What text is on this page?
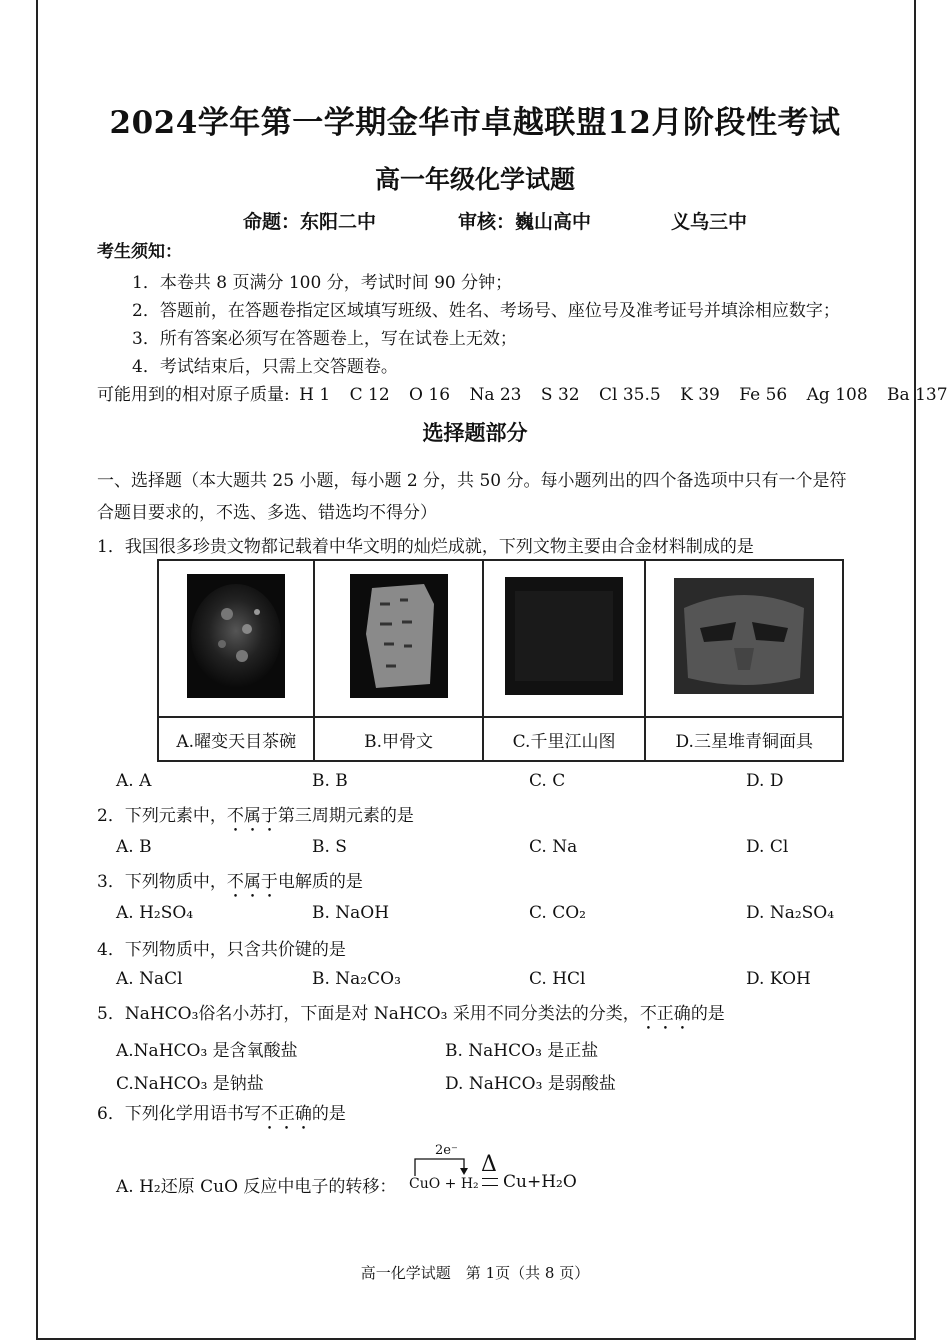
2024学年第一学期金华市卓越联盟12月阶段性考试
高一年级化学试题
命题：东阳二中	审核：巍山高中	义乌三中
考生须知：
1．本卷共 8 页满分 100 分，考试时间 90 分钟；
2．答题前，在答题卷指定区域填写班级、姓名、考场号、座位号及准考证号并填涂相应数字；
3．所有答案必须写在答题卷上，写在试卷上无效；
4．考试结束后，只需上交答题卷。
可能用到的相对原子质量: H 1 C 12 O 16 Na 23 S 32 Cl 35.5 K 39 Fe 56 Ag 108 Ba 137
选择题部分
一、选择题（本大题共 25 小题，每小题 2 分，共 50 分。每小题列出的四个备选项中只有一个是符
合题目要求的，不选、多选、错选均不得分）
1．我国很多珍贵文物都记载着中华文明的灿烂成就，下列文物主要由合金材料制成的是

A.曜变天目茶碗	B.甲骨文	C.千里江山图	D.三星堆青铜面具
A. A	B. B	C. C	D. D
2．下列元素中，不属于第三周期元素的是
A. B	B. S	C. Na	D. Cl
3．下列物质中，不属于电解质的是
A. H₂SO₄	B. NaOH	C. CO₂	D. Na₂SO₄
4．下列物质中，只含共价键的是
A. NaCl	B. Na₂CO₃	C. HCl	D. KOH
5．NaHCO₃俗名小苏打，下面是对 NaHCO₃ 采用不同分类法的分类，不正确的是
A.NaHCO₃ 是含氧酸盐	B. NaHCO₃ 是正盐
C.NaHCO₃ 是钠盐	D. NaHCO₃ 是弱酸盐
6．下列化学用语书写不正确的是
A. H₂还原 CuO 反应中电子的转移：
2e⁻
CuO + H₂
Δ
Cu+H₂O
高一化学试题　第 1页（共 8 页）
